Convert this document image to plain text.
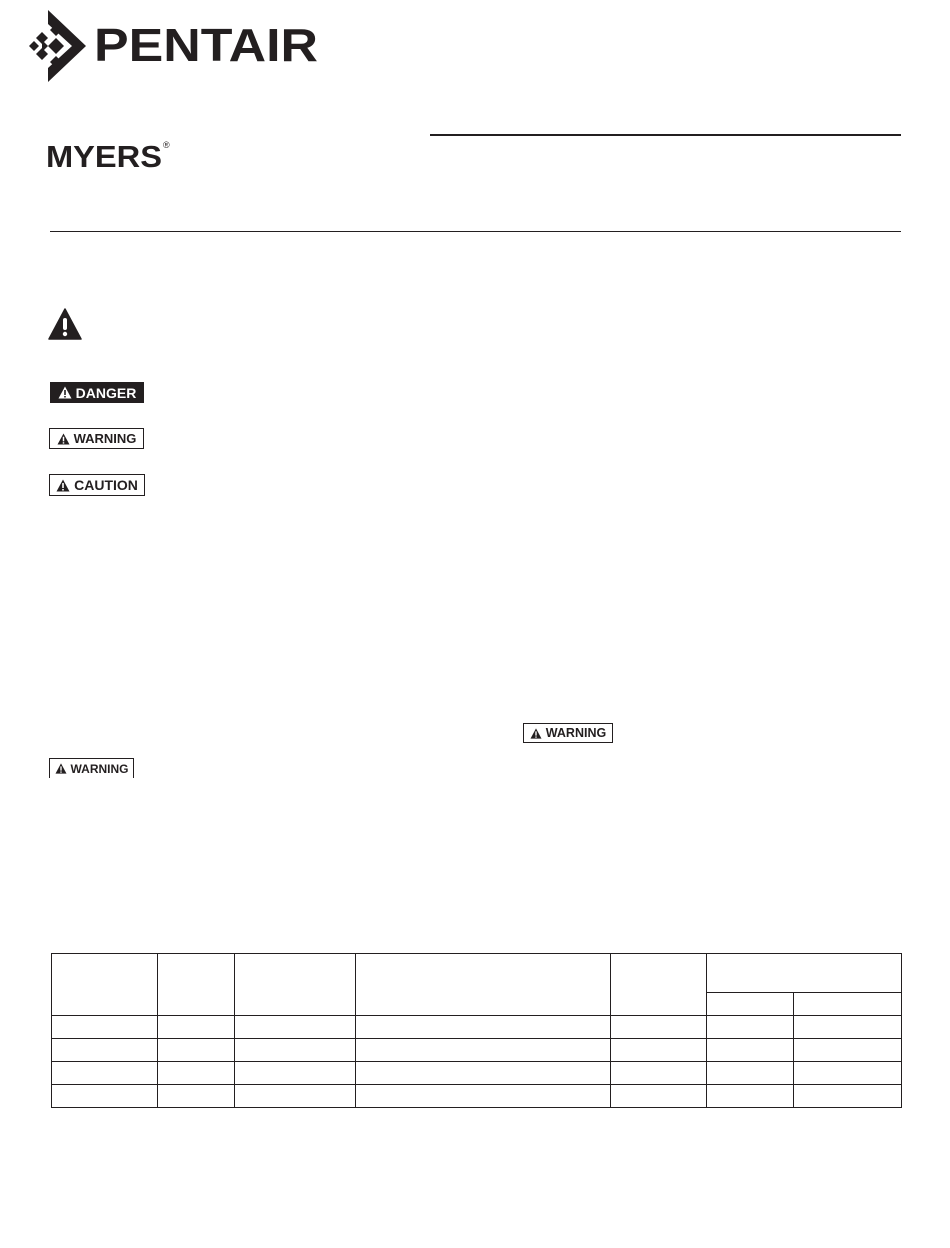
PENTAIR
MYERS ®
DANGER
WARNING
CAUTION
WARNING
WARNING
